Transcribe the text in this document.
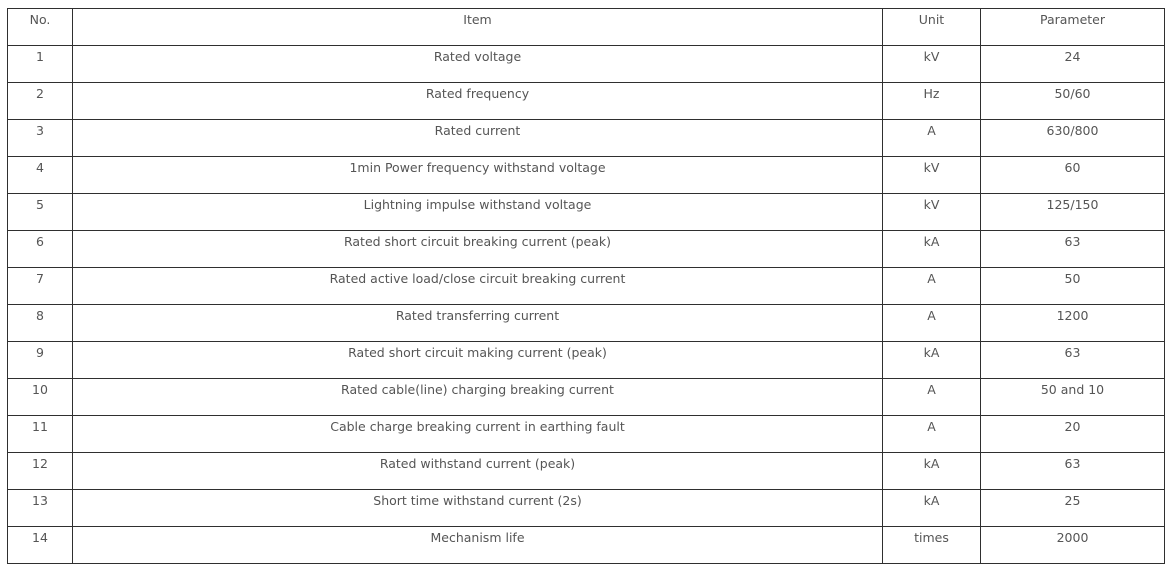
No.	Item	Unit	Parameter
1	Rated voltage	kV	24
2	Rated frequency	Hz	50/60
3	Rated current	A	630/800
4	1min Power frequency withstand voltage	kV	60
5	Lightning impulse withstand voltage	kV	125/150
6	Rated short circuit breaking current (peak)	kA	63
7	Rated active load/close circuit breaking current	A	50
8	Rated transferring current	A	1200
9	Rated short circuit making current (peak)	kA	63
10	Rated cable(line) charging breaking current	A	50 and 10
11	Cable charge breaking current in earthing fault	A	20
12	Rated withstand current (peak)	kA	63
13	Short time withstand current (2s)	kA	25
14	Mechanism life	times	2000
